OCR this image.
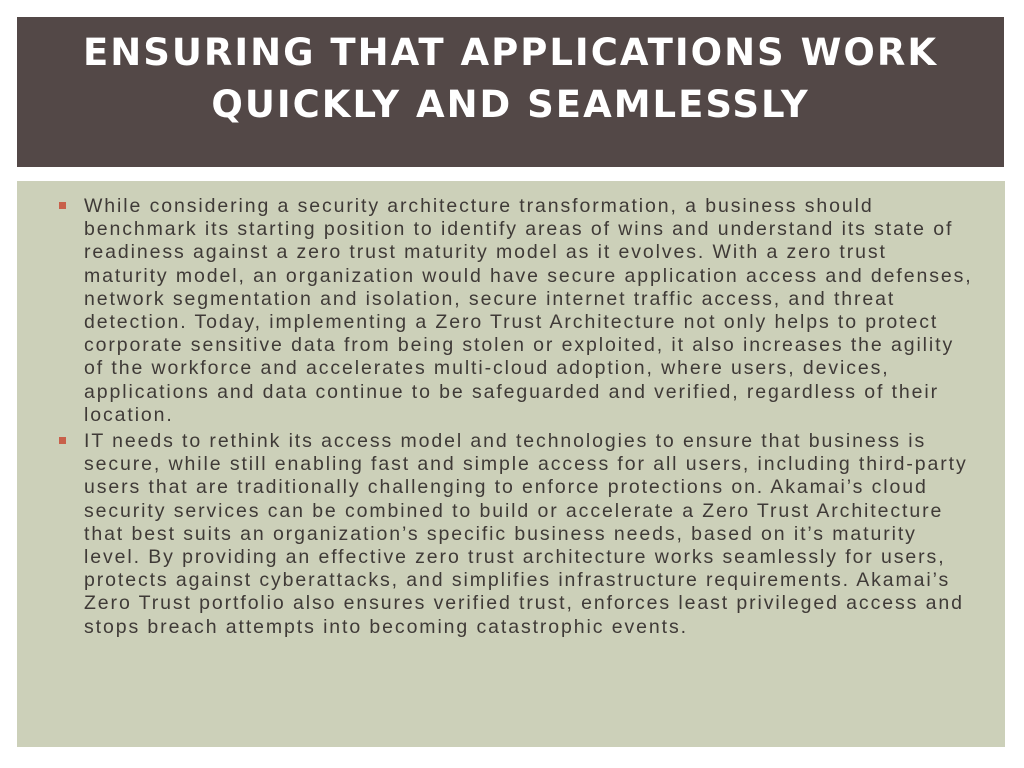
ENSURING THAT APPLICATIONS WORK QUICKLY AND SEAMLESSLY
While considering a security architecture transformation, a business should benchmark its starting position to identify areas of wins and understand its state of readiness against a zero trust maturity model as it evolves. With a zero trust maturity model, an organization would have secure application access and defenses, network segmentation and isolation, secure internet traffic access, and threat detection. Today, implementing a Zero Trust Architecture not only helps to protect corporate sensitive data from being stolen or exploited, it also increases the agility of the workforce and accelerates multi-cloud adoption, where users, devices, applications and data continue to be safeguarded and verified, regardless of their location.
IT needs to rethink its access model and technologies to ensure that business is secure, while still enabling fast and simple access for all users, including third-party users that are traditionally challenging to enforce protections on. Akamai’s cloud security services can be combined to build or accelerate a Zero Trust Architecture that best suits an organization’s specific business needs, based on it’s maturity level. By providing an effective zero trust architecture works seamlessly for users, protects against cyberattacks, and simplifies infrastructure requirements. Akamai’s Zero Trust portfolio also ensures verified trust, enforces least privileged access and stops breach attempts into becoming catastrophic events.
